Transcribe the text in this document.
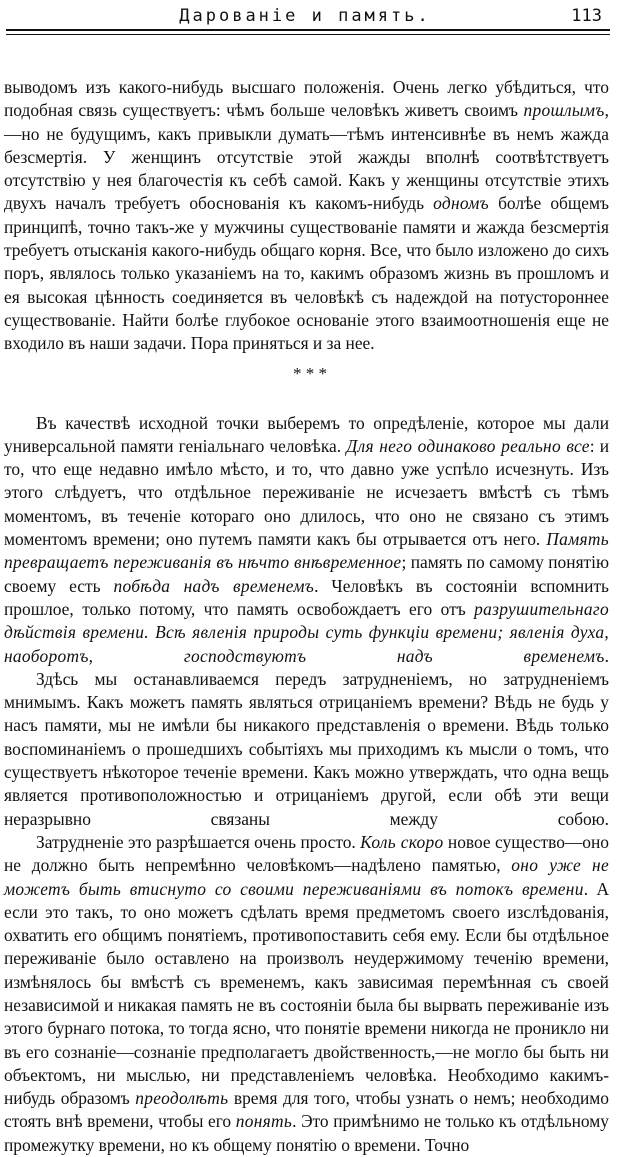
Дарованіе и память.	113

выводомъ изъ какого-нибудь высшаго положенія. Очень легко убѣдиться, что подобная связь существуетъ: чѣмъ больше человѣкъ живетъ своимъ прошлымъ,—но не будущимъ, какъ привыкли думать—тѣмъ интенсивнѣе въ немъ жажда безсмертія. У женщинъ отсутствіе этой жажды вполнѣ соотвѣтствуетъ отсутствію у нея благочестія къ себѣ самой. Какъ у женщины отсутствіе этихъ двухъ началъ требуетъ обоснованія къ какомъ-нибудь одномъ болѣе общемъ принципѣ, точно такъ-же у мужчины существованіе памяти и жажда безсмертія требуетъ отысканія какого-нибудь общаго корня. Все, что было изложено до сихъ поръ, являлось только указаніемъ на то, какимъ образомъ жизнь въ прошломъ и ея высокая цѣнность соединяется въ человѣкѣ съ надеждой на потустороннее существованіе. Найти болѣе глубокое основаніе этого взаимоотношенія еще не входило въ наши задачи. Пора приняться и за нее.

Въ качествѣ исходной точки выберемъ то опредѣленіе, которое мы дали универсальной памяти геніальнаго человѣка. Для него одинаково реально все: и то, что еще недавно имѣло мѣсто, и то, что давно уже успѣло исчезнуть. Изъ этого слѣдуетъ, что отдѣльное переживаніе не исчезаетъ вмѣстѣ съ тѣмъ моментомъ, въ теченіе котораго оно длилось, что оно не связано съ этимъ моментомъ времени; оно путемъ памяти какъ бы отрывается отъ него. Память превращаетъ переживанія въ нѣчто внѣвременное; память по самому понятію своему есть побѣда надъ временемъ. Человѣкъ въ состояніи вспомнить прошлое, только потому, что память освобождаетъ его отъ разрушительнаго дѣйствія времени. Всѣ явленія природы суть функціи времени; явленія духа, наоборотъ, господствуютъ надъ временемъ.

Здѣсь мы останавливаемся передъ затрудненіемъ, но затрудненіемъ мнимымъ. Какъ можетъ память являться отрицаніемъ времени? Вѣдь не будь у насъ памяти, мы не имѣли бы никакого представленія о времени. Вѣдь только воспоминаніемъ о прошедшихъ событіяхъ мы приходимъ къ мысли о томъ, что существуетъ нѣкоторое теченіе времени. Какъ можно утверждать, что одна вещь является противоположностью и отрицаніемъ другой, если обѣ эти вещи неразрывно связаны между собою.

Затрудненіе это разрѣшается очень просто. Коль скоро новое существо—оно не должно быть непремѣнно человѣкомъ—надѣлено памятью, оно уже не можетъ быть втиснуто со своими переживаніями въ потокъ времени. А если это такъ, то оно можетъ сдѣлать время предметомъ своего изслѣдованія, охватить его общимъ понятіемъ, противопоставить себя ему. Если бы отдѣльное переживаніе было оставлено на произволъ неудержимому теченію времени, измѣнялось бы вмѣстѣ съ временемъ, какъ зависимая перемѣнная съ своей независимой и никакая память не въ состояніи была бы вырвать переживаніе изъ этого бурнаго потока, то тогда ясно, что понятіе времени никогда не проникло ни въ его сознаніе—сознаніе предполагаетъ двойственность,—не могло бы быть ни объектомъ, ни мыслью, ни представленіемъ человѣка. Необходимо какимъ-нибудь образомъ преодолѣть время для того, чтобы узнать о немъ; необходимо стоять внѣ времени, чтобы его понять. Это примѣнимо не только къ отдѣльному промежутку времени, но къ общему понятію о времени. Точно

* * *
